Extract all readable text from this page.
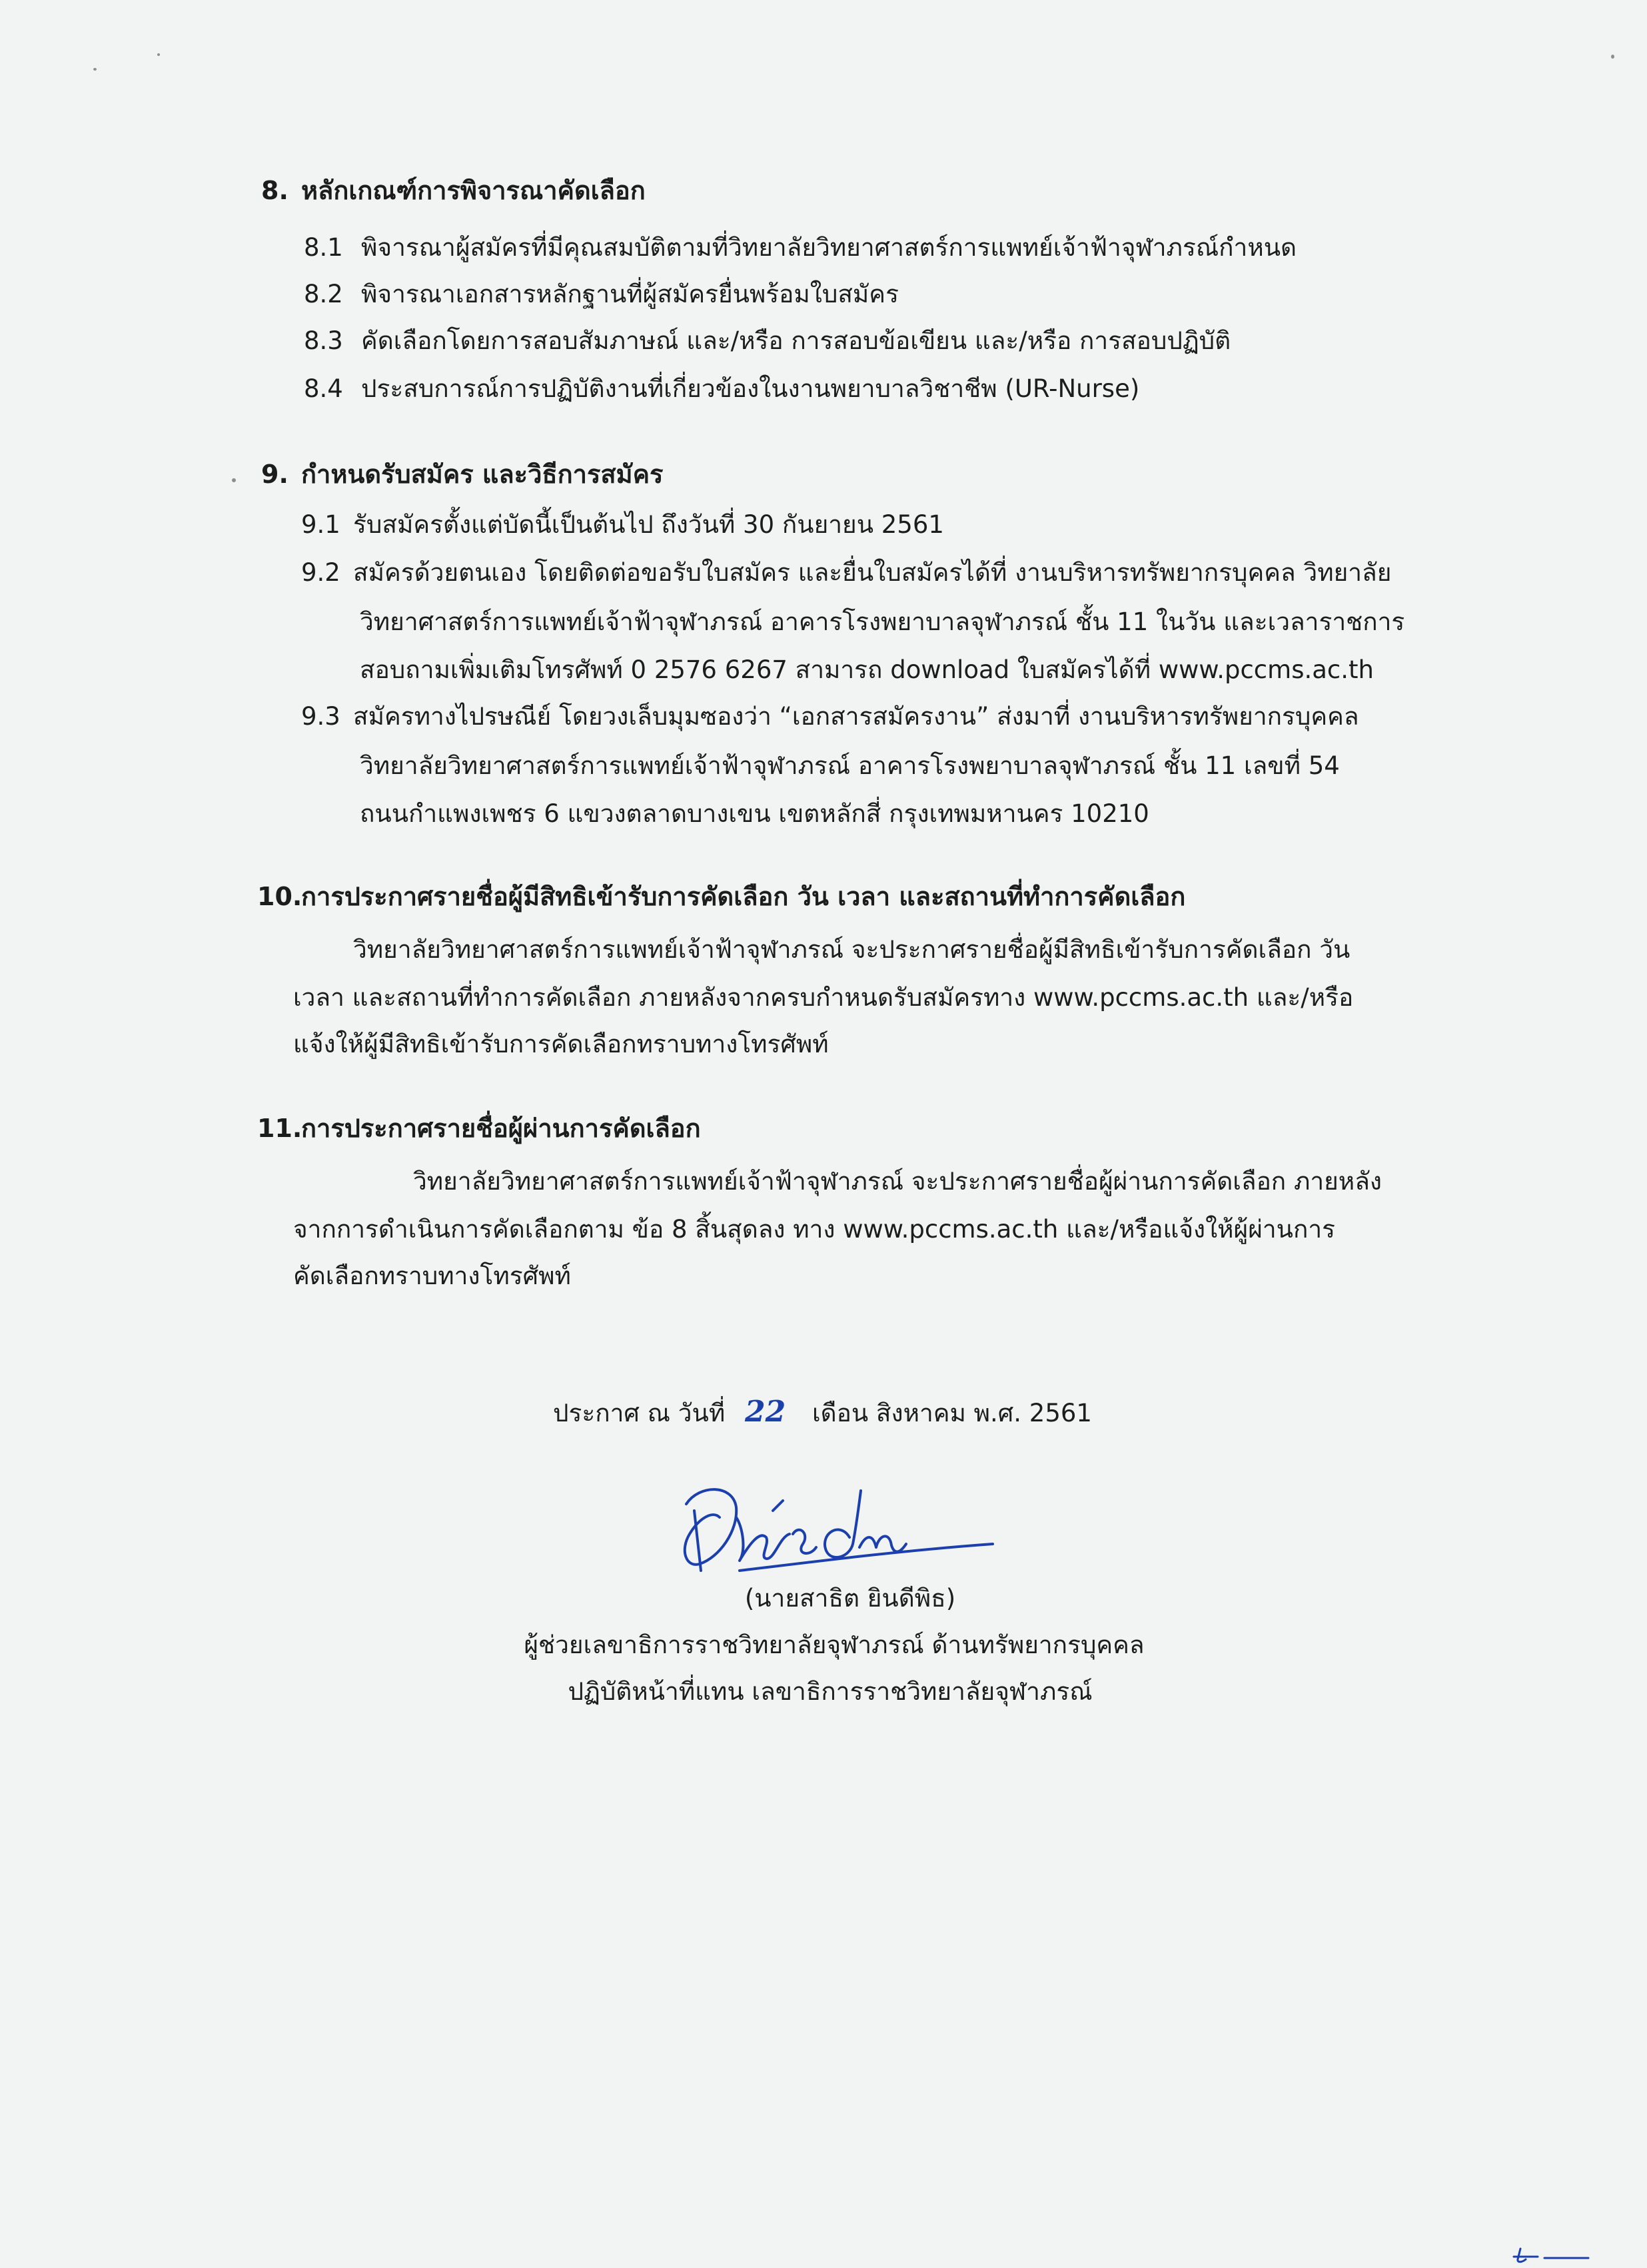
8. หลักเกณฑ์การพิจารณาคัดเลือก
8.1 พิจารณาผู้สมัครที่มีคุณสมบัติตามที่วิทยาลัยวิทยาศาสตร์การแพทย์เจ้าฟ้าจุฬาภรณ์กำหนด
8.2 พิจารณาเอกสารหลักฐานที่ผู้สมัครยื่นพร้อมใบสมัคร
8.3 คัดเลือกโดยการสอบสัมภาษณ์ และ/หรือ การสอบข้อเขียน และ/หรือ การสอบปฏิบัติ
8.4 ประสบการณ์การปฏิบัติงานที่เกี่ยวข้องในงานพยาบาลวิชาชีพ (UR-Nurse)
9. กำหนดรับสมัคร และวิธีการสมัคร
9.1 รับสมัครตั้งแต่บัดนี้เป็นต้นไป ถึงวันที่ 30 กันยายน 2561
9.2 สมัครด้วยตนเอง โดยติดต่อขอรับใบสมัคร และยื่นใบสมัครได้ที่ งานบริหารทรัพยากรบุคคล วิทยาลัย
วิทยาศาสตร์การแพทย์เจ้าฟ้าจุฬาภรณ์ อาคารโรงพยาบาลจุฬาภรณ์ ชั้น 11 ในวัน และเวลาราชการ
สอบถามเพิ่มเติมโทรศัพท์ 0 2576 6267 สามารถ download ใบสมัครได้ที่ www.pccms.ac.th
9.3 สมัครทางไปรษณีย์ โดยวงเล็บมุมซองว่า “เอกสารสมัครงาน” ส่งมาที่ งานบริหารทรัพยากรบุคคล
วิทยาลัยวิทยาศาสตร์การแพทย์เจ้าฟ้าจุฬาภรณ์ อาคารโรงพยาบาลจุฬาภรณ์ ชั้น 11 เลขที่ 54
ถนนกำแพงเพชร 6 แขวงตลาดบางเขน เขตหลักสี่ กรุงเทพมหานคร 10210
10.การประกาศรายชื่อผู้มีสิทธิเข้ารับการคัดเลือก วัน เวลา และสถานที่ทำการคัดเลือก
วิทยาลัยวิทยาศาสตร์การแพทย์เจ้าฟ้าจุฬาภรณ์ จะประกาศรายชื่อผู้มีสิทธิเข้ารับการคัดเลือก วัน
เวลา และสถานที่ทำการคัดเลือก ภายหลังจากครบกำหนดรับสมัครทาง www.pccms.ac.th และ/หรือ
แจ้งให้ผู้มีสิทธิเข้ารับการคัดเลือกทราบทางโทรศัพท์
11.การประกาศรายชื่อผู้ผ่านการคัดเลือก
วิทยาลัยวิทยาศาสตร์การแพทย์เจ้าฟ้าจุฬาภรณ์ จะประกาศรายชื่อผู้ผ่านการคัดเลือก ภายหลัง
จากการดำเนินการคัดเลือกตาม ข้อ 8 สิ้นสุดลง ทาง www.pccms.ac.th และ/หรือแจ้งให้ผู้ผ่านการ
คัดเลือกทราบทางโทรศัพท์
ประกาศ ณ วันที่ 22 เดือน สิงหาคม พ.ศ. 2561
(นายสาธิต ยินดีพิธ)
ผู้ช่วยเลขาธิการราชวิทยาลัยจุฬาภรณ์ ด้านทรัพยากรบุคคล
ปฏิบัติหน้าที่แทน เลขาธิการราชวิทยาลัยจุฬาภรณ์
